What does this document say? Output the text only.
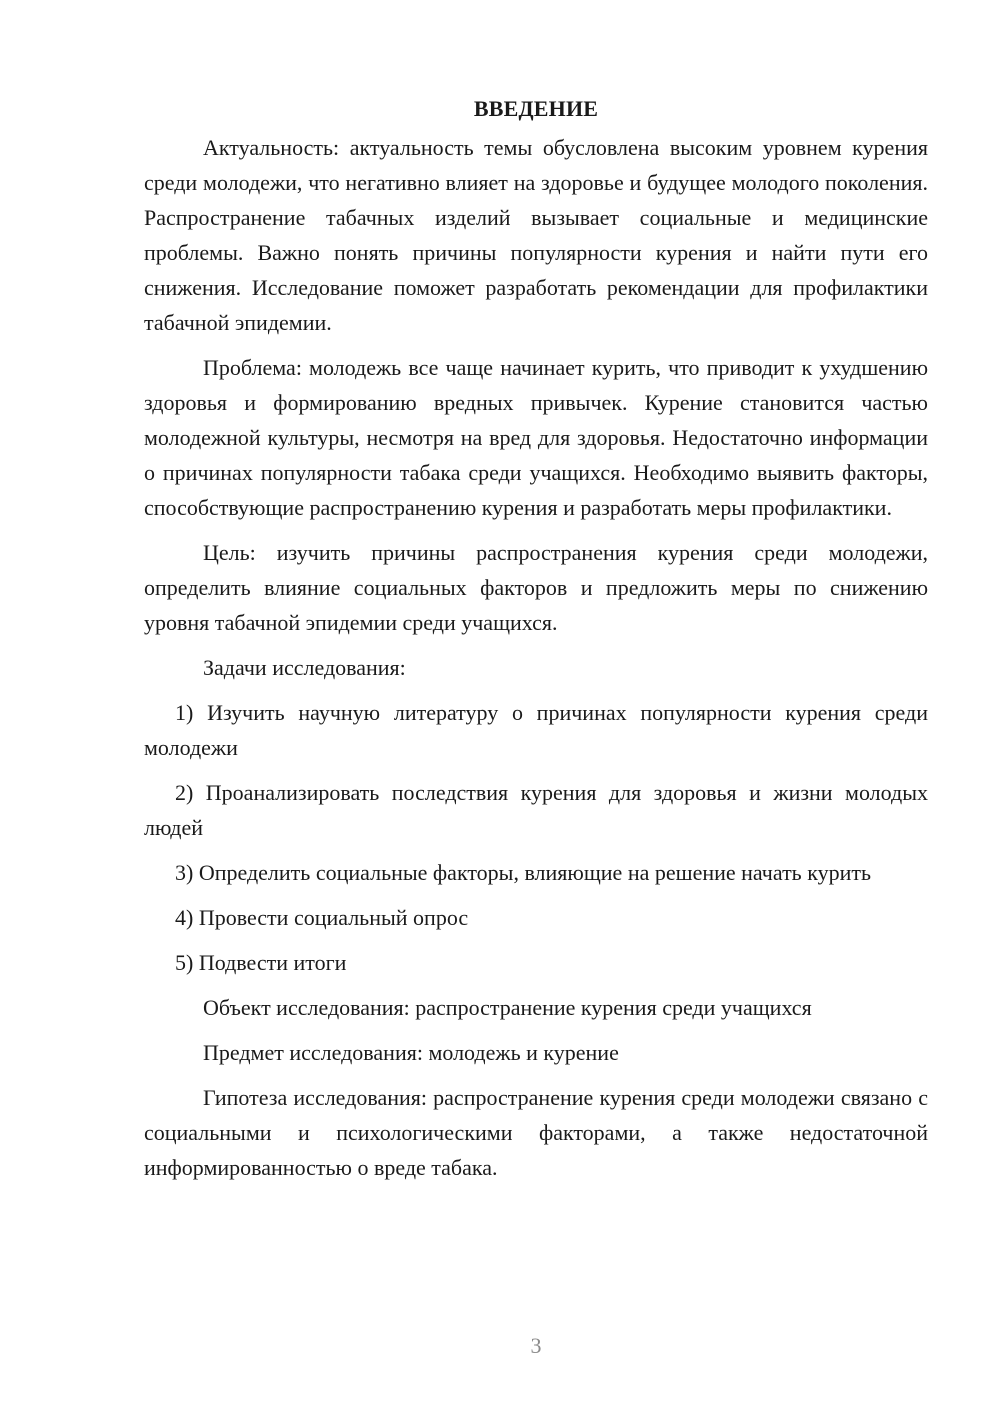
ВВЕДЕНИЕ

Актуальность: актуальность темы обусловлена высоким уровнем курения среди молодежи, что негативно влияет на здоровье и будущее молодого поколения. Распространение табачных изделий вызывает социальные и медицинские проблемы. Важно понять причины популярности курения и найти пути его снижения. Исследование поможет разработать рекомендации для профилактики табачной эпидемии.

Проблема: молодежь все чаще начинает курить, что приводит к ухудшению здоровья и формированию вредных привычек. Курение становится частью молодежной культуры, несмотря на вред для здоровья. Недостаточно информации о причинах популярности табака среди учащихся. Необходимо выявить факторы, способствующие распространению курения и разработать меры профилактики.

Цель: изучить причины распространения курения среди молодежи, определить влияние социальных факторов и предложить меры по снижению уровня табачной эпидемии среди учащихся.

Задачи исследования:

1) Изучить научную литературу о причинах популярности курения среди молодежи

2) Проанализировать последствия курения для здоровья и жизни молодых людей

3) Определить социальные факторы, влияющие на решение начать курить

4) Провести социальный опрос

5) Подвести итоги

Объект исследования: распространение курения среди учащихся

Предмет исследования: молодежь и курение

Гипотеза исследования: распространение курения среди молодежи связано с социальными и психологическими факторами, а также недостаточной информированностью о вреде табака.

3
